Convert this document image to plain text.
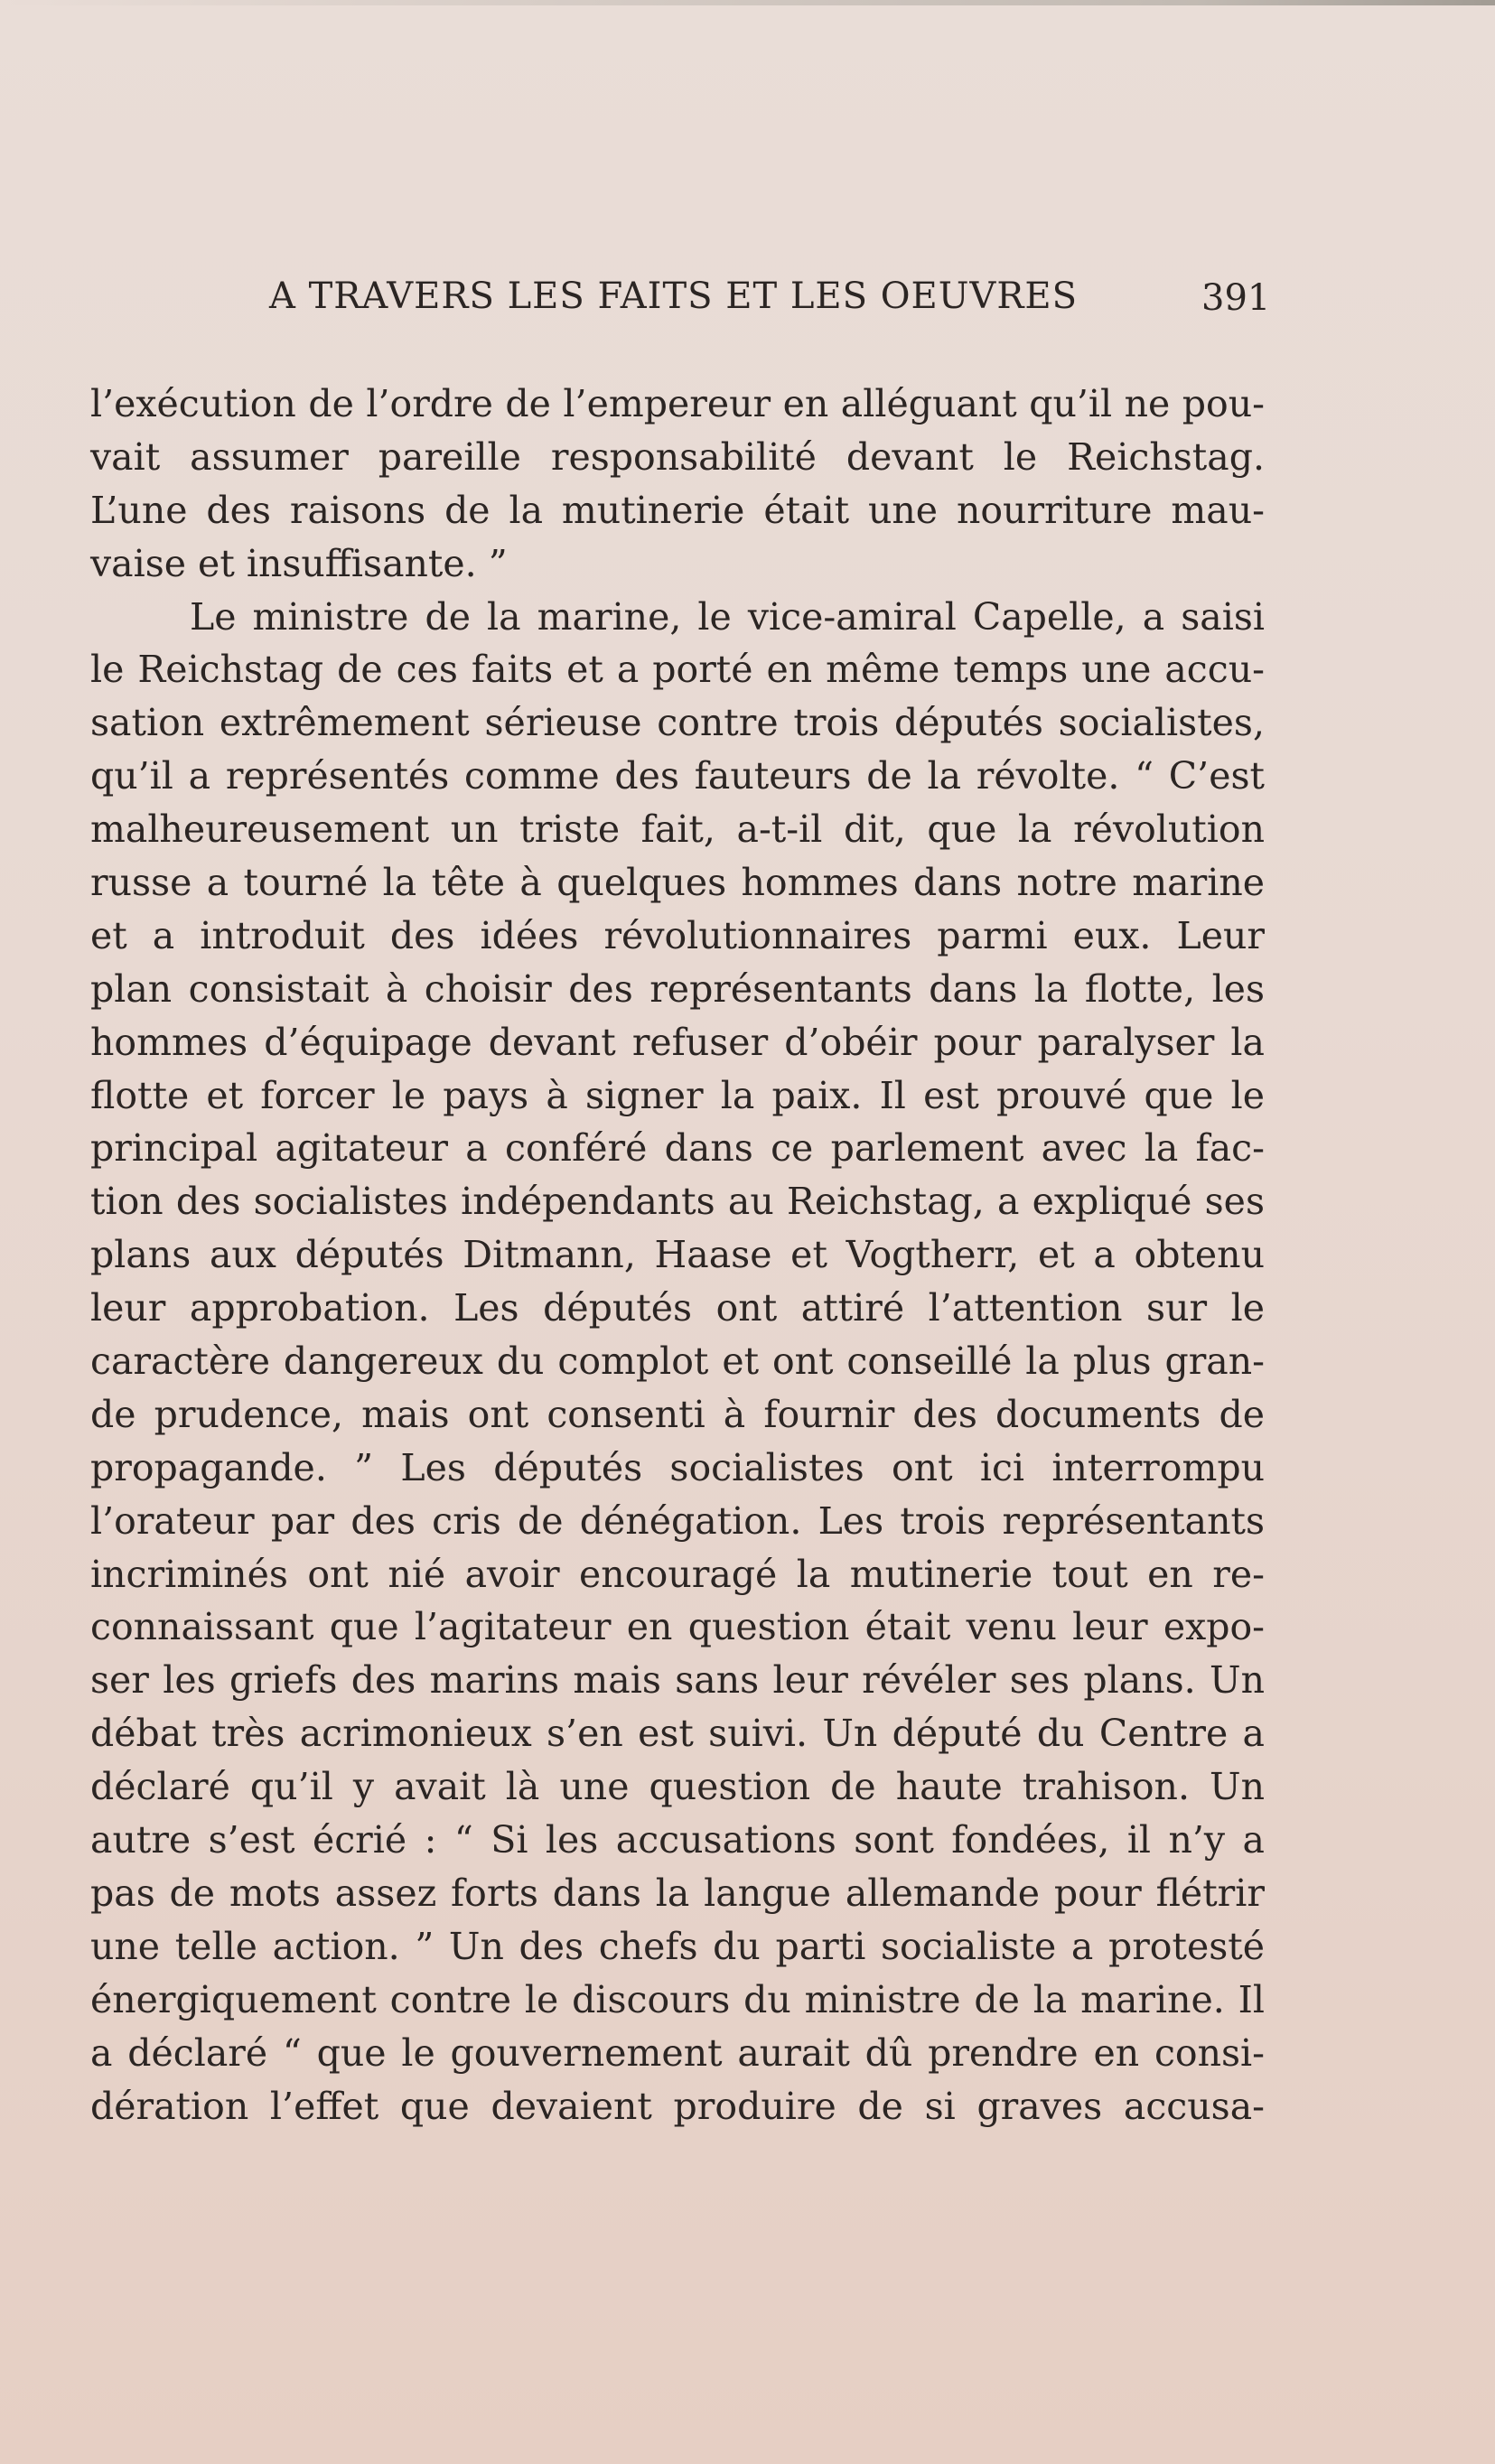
A TRAVERS LES FAITS ET LES OEUVRES	391
l’exécution de l’ordre de l’empereur en alléguant qu’il ne pou-
vait assumer pareille responsabilité devant le Reichstag.
L’une des raisons de la mutinerie était une nourriture mau-
vaise et insuffisante. ”
Le ministre de la marine, le vice-amiral Capelle, a saisi
le Reichstag de ces faits et a porté en même temps une accu-
sation extrêmement sérieuse contre trois députés socialistes,
qu’il a représentés comme des fauteurs de la révolte. “ C’est
malheureusement un triste fait, a-t-il dit, que la révolution
russe a tourné la tête à quelques hommes dans notre marine
et a introduit des idées révolutionnaires parmi eux. Leur
plan consistait à choisir des représentants dans la flotte, les
hommes d’équipage devant refuser d’obéir pour paralyser la
flotte et forcer le pays à signer la paix. Il est prouvé que le
principal agitateur a conféré dans ce parlement avec la fac-
tion des socialistes indépendants au Reichstag, a expliqué ses
plans aux députés Ditmann, Haase et Vogtherr, et a obtenu
leur approbation. Les députés ont attiré l’attention sur le
caractère dangereux du complot et ont conseillé la plus gran-
de prudence, mais ont consenti à fournir des documents de
propagande. ” Les députés socialistes ont ici interrompu
l’orateur par des cris de dénégation. Les trois représentants
incriminés ont nié avoir encouragé la mutinerie tout en re-
connaissant que l’agitateur en question était venu leur expo-
ser les griefs des marins mais sans leur révéler ses plans. Un
débat très acrimonieux s’en est suivi. Un député du Centre a
déclaré qu’il y avait là une question de haute trahison. Un
autre s’est écrié : “ Si les accusations sont fondées, il n’y a
pas de mots assez forts dans la langue allemande pour flétrir
une telle action. ” Un des chefs du parti socialiste a protesté
énergiquement contre le discours du ministre de la marine. Il
a déclaré “ que le gouvernement aurait dû prendre en consi-
dération l’effet que devaient produire de si graves accusa-
